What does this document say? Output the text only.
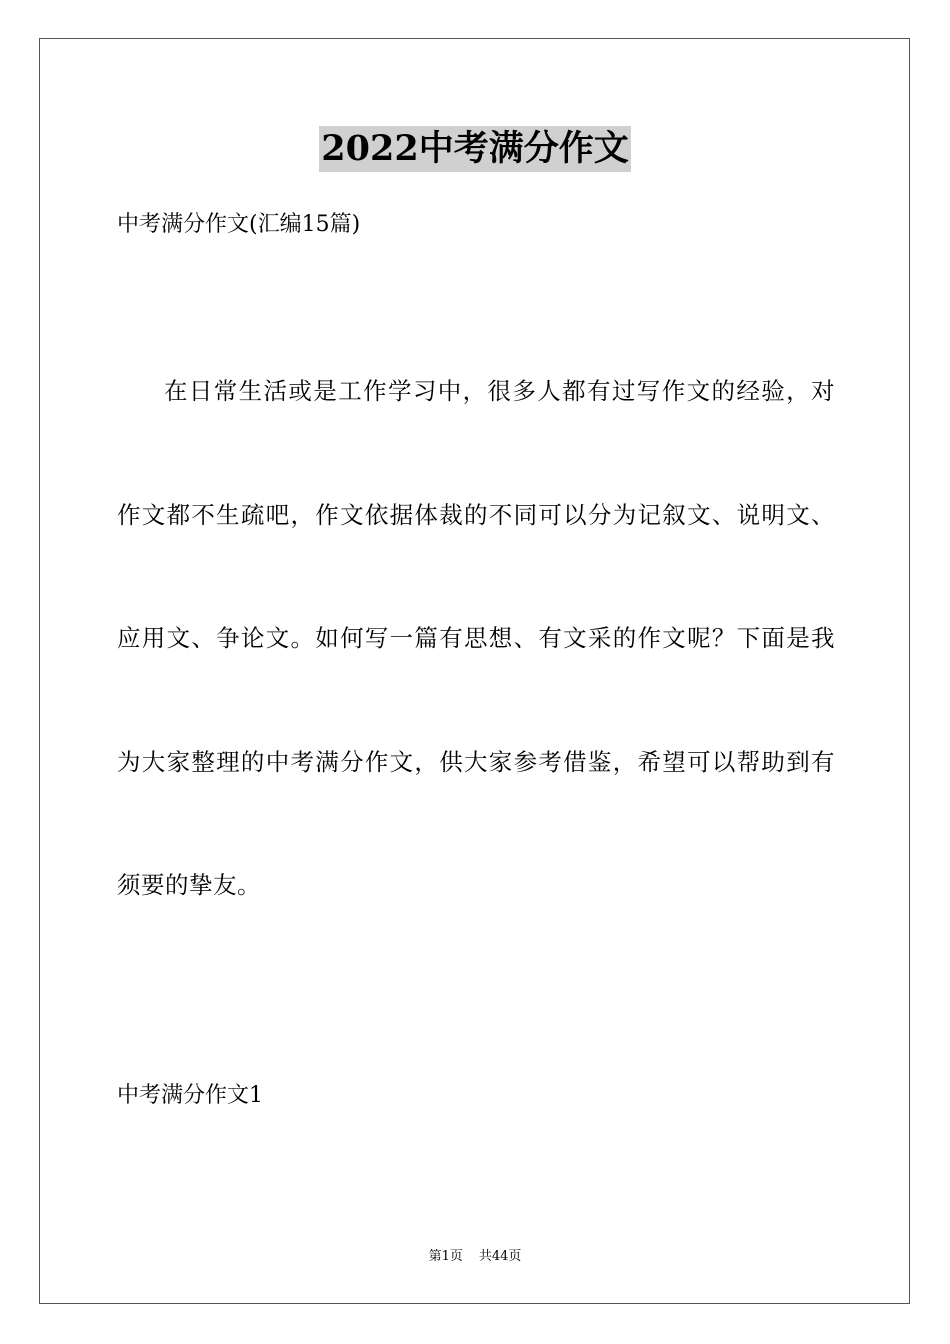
2022中考满分作文

中考满分作文(汇编15篇)

在日常生活或是工作学习中，很多人都有过写作文的经验，对作文都不生疏吧，作文依据体裁的不同可以分为记叙文、说明文、应用文、争论文。如何写一篇有思想、有文采的作文呢？下面是我为大家整理的中考满分作文，供大家参考借鉴，希望可以帮助到有须要的挚友。

中考满分作文1

第1页 共44页
